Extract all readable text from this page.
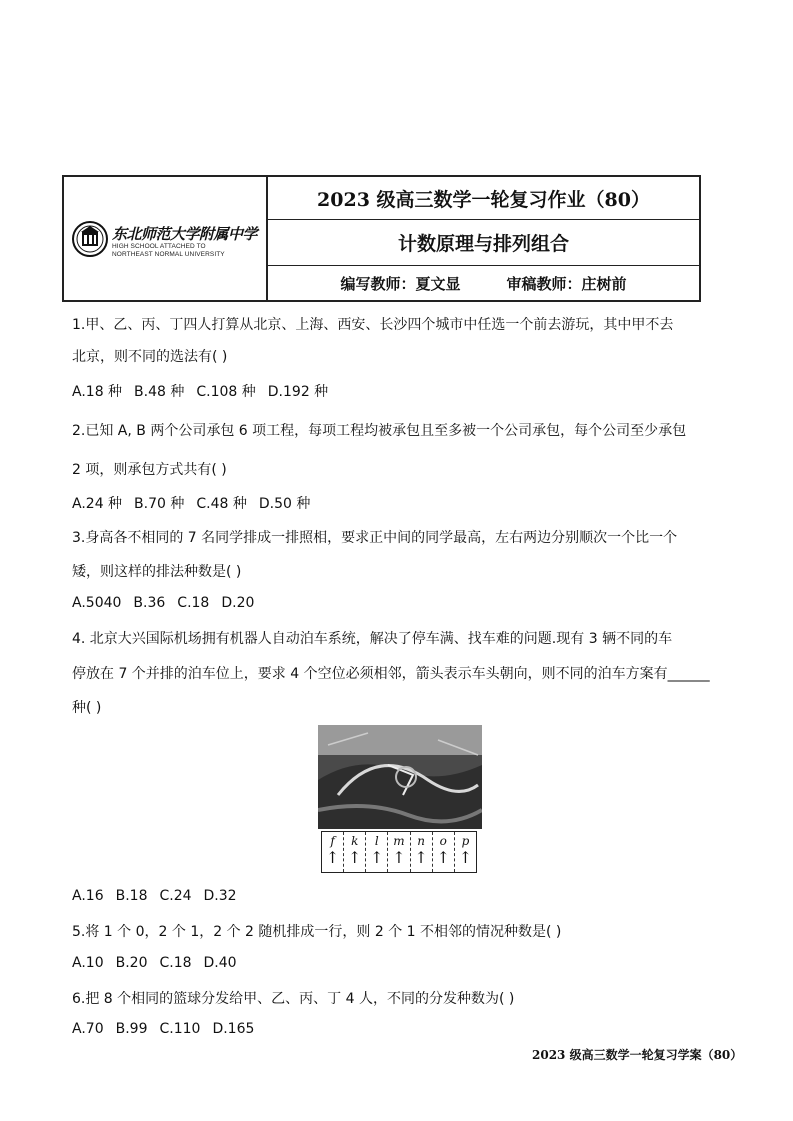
东北师范大学附属中学
HIGH SCHOOL ATTACHED TO
NORTHEAST NORMAL UNIVERSITY
2023 级高三数学一轮复习作业（80）
计数原理与排列组合
编写教师：夏文显	审稿教师：庄树前
1.甲、乙、丙、丁四人打算从北京、上海、西安、长沙四个城市中任选一个前去游玩，其中甲不去
北京，则不同的选法有( )
A.18 种 B.48 种 C.108 种 D.192 种
2.已知 A, B 两个公司承包 6 项工程，每项工程均被承包且至多被一个公司承包，每个公司至少承包
2 项，则承包方式共有( )
A.24 种 B.70 种 C.48 种 D.50 种
3.身高各不相同的 7 名同学排成一排照相，要求正中间的同学最高，左右两边分别顺次一个比一个
矮，则这样的排法种数是( )
A.5040 B.36 C.18 D.20
4. 北京大兴国际机场拥有机器人自动泊车系统，解决了停车满、找车难的问题.现有 3 辆不同的车
停放在 7 个并排的泊车位上，要求 4 个空位必须相邻，箭头表示车头朝向，则不同的泊车方案有______
种( )
f
↑
k
↑
l
↑
m
↑
n
↑
o
↑
p
↑
A.16 B.18 C.24 D.32
5.将 1 个 0，2 个 1，2 个 2 随机排成一行，则 2 个 1 不相邻的情况种数是( )
A.10 B.20 C.18 D.40
6.把 8 个相同的篮球分发给甲、乙、丙、丁 4 人，不同的分发种数为( )
A.70 B.99 C.110 D.165
2023 级高三数学一轮复习学案（80）
